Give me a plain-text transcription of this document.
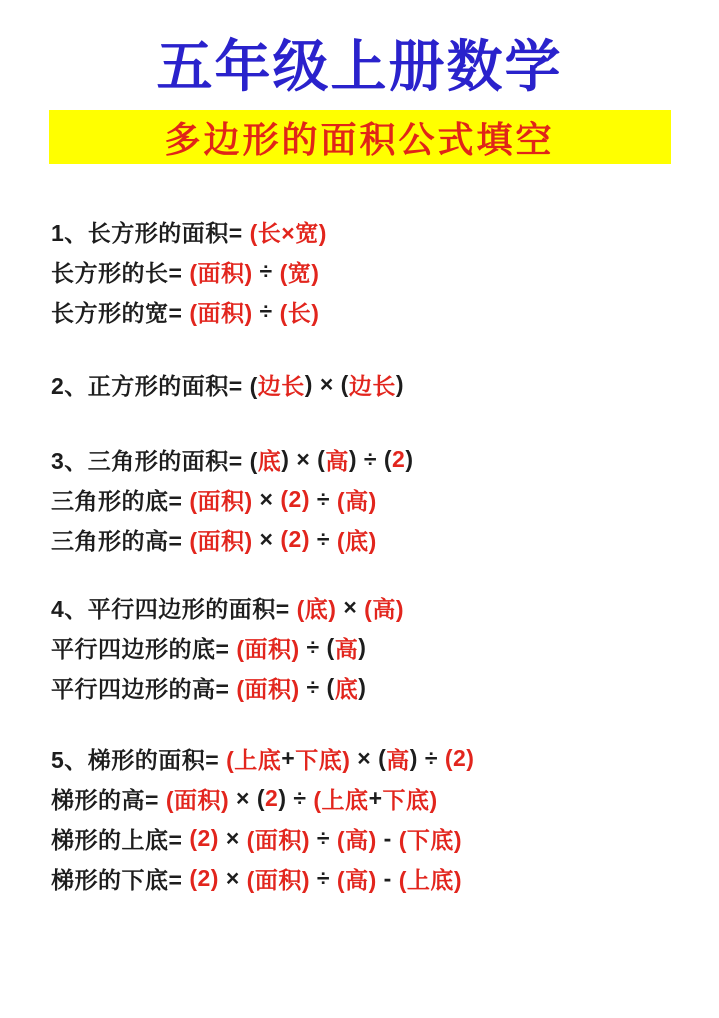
五年级上册数学
多边形的面积公式填空
1、长方形的面积= (长×宽)
长方形的长= (面积) ÷ (宽)
长方形的宽= (面积) ÷ (长)
2、正方形的面积= ( 边长 ) × ( 边长 )
3、三角形的面积= ( 底 ) × ( 高 ) ÷ ( 2 )
三角形的底= (面积) × (2) ÷ (高)
三角形的高= (面积) × (2) ÷ (底)
4、平行四边形的面积= (底) × (高)
平行四边形的底= (面积) ÷ ( 高 )
平行四边形的高= (面积) ÷ ( 底 )
5、梯形的面积= (上底 + 下底) × ( 高 ) ÷ (2)
梯形的高= (面积) × ( 2 ) ÷ (上底 + 下底)
梯形的上底= (2) × (面积) ÷ (高) - (下底)
梯形的下底= (2) × (面积) ÷ (高) - (上底)
